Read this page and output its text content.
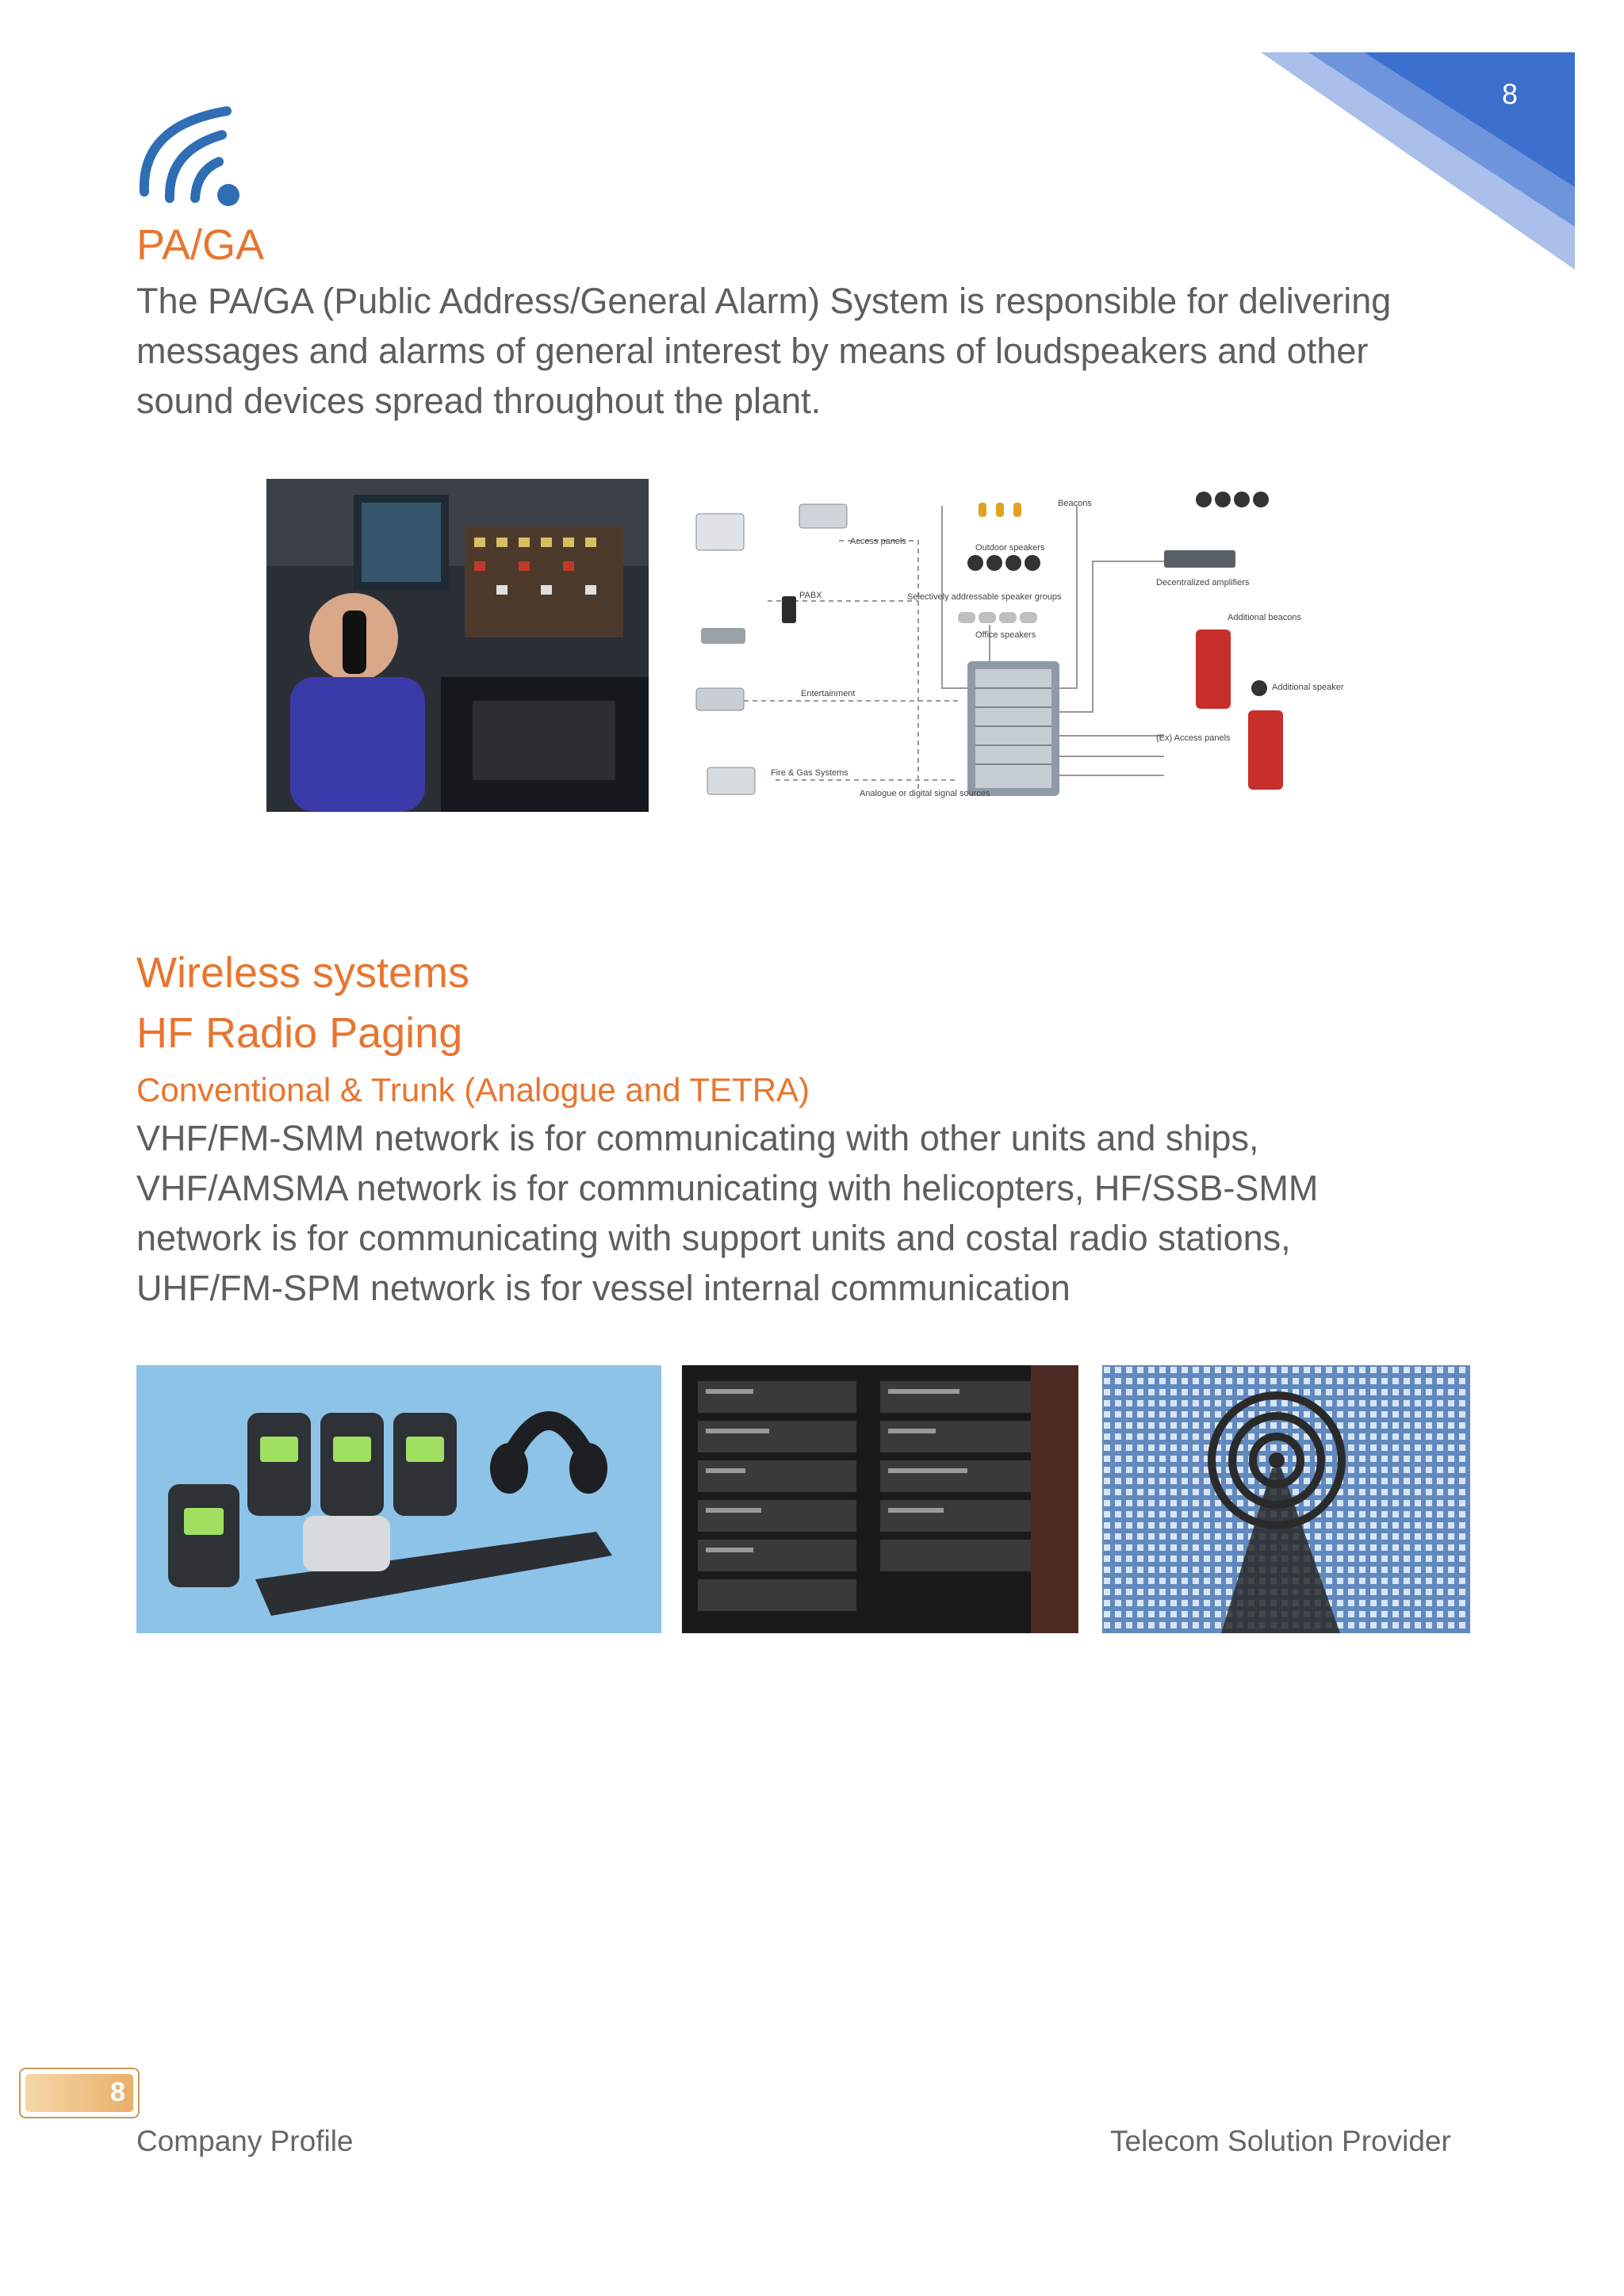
8
PA/GA
The PA/GA (Public Address/General Alarm) System is responsible for delivering messages and alarms of general interest by means of loudspeakers and other sound devices spread throughout the plant.
Beacons
Access panels
Outdoor speakers
PABX	Selectively addressable speaker groups
Office speakers
Entertainment
Fire & Gas Systems
Analogue or digital signal sources
Decentralized amplifiers
Additional beacons
Additional speaker
(Ex) Access panels
Wireless systems
HF Radio Paging
Conventional & Trunk (Analogue and TETRA)
VHF/FM-SMM network is for communicating with other units and ships, VHF/AMSMA network is for communicating with helicopters, HF/SSB-SMM network is for communicating with support units and costal radio stations, UHF/FM-SPM network is for vessel internal communication
8
Company Profile	Telecom Solution Provider
